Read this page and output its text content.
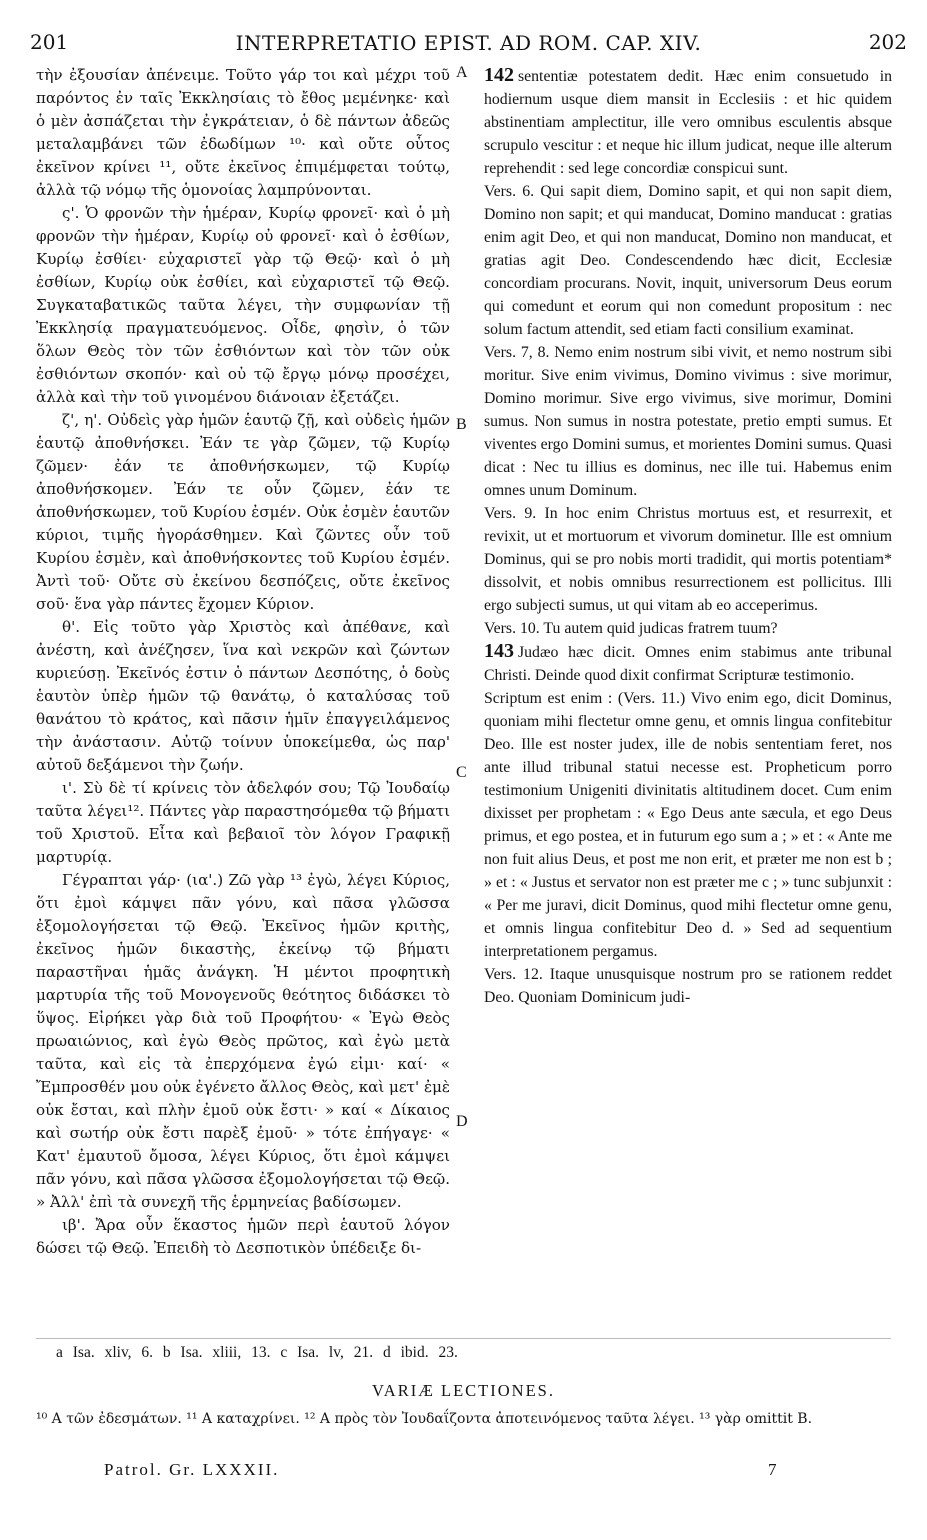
201	INTERPRETATIO EPIST. AD ROM. CAP. XIV.	202

τὴν ἐξουσίαν ἀπένειμε. Τοῦτο γάρ τοι καὶ μέχρι τοῦ παρόντος ἐν ταῖς Ἐκκλησίαις τὸ ἔθος μεμένηκε· καὶ ὁ μὲν ἀσπάζεται τὴν ἐγκράτειαν, ὁ δὲ πάντων ἀδεῶς μεταλαμβάνει τῶν ἐδωδίμων ¹⁰· καὶ οὔτε οὗτος ἐκεῖνον κρίνει ¹¹, οὔτε ἐκεῖνος ἐπιμέμφεται τούτῳ, ἀλλὰ τῷ νόμῳ τῆς ὁμονοίας λαμπρύνονται.

ς'. Ὁ φρονῶν τὴν ἡμέραν, Κυρίῳ φρονεῖ· καὶ ὁ μὴ φρονῶν τὴν ἡμέραν, Κυρίῳ οὐ φρονεῖ· καὶ ὁ ἐσθίων, Κυρίῳ ἐσθίει· εὐχαριστεῖ γὰρ τῷ Θεῷ· καὶ ὁ μὴ ἐσθίων, Κυρίῳ οὐκ ἐσθίει, καὶ εὐχαριστεῖ τῷ Θεῷ. Συγκαταβατικῶς ταῦτα λέγει, τὴν συμφωνίαν τῇ Ἐκκλησίᾳ πραγματευόμενος. Οἶδε, φησὶν, ὁ τῶν ὅλων Θεὸς τὸν τῶν ἐσθιόντων καὶ τὸν τῶν οὐκ ἐσθιόντων σκοπόν· καὶ οὐ τῷ ἔργῳ μόνῳ προσέχει, ἀλλὰ καὶ τὴν τοῦ γινομένου διάνοιαν ἐξετάζει.

ζ', η'. Οὐδεὶς γὰρ ἡμῶν ἑαυτῷ ζῇ, καὶ οὐδεὶς ἡμῶν ἑαυτῷ ἀποθνήσκει. Ἐάν τε γὰρ ζῶμεν, τῷ Κυρίῳ ζῶμεν· ἐάν τε ἀποθνήσκωμεν, τῷ Κυρίῳ ἀποθνήσκομεν. Ἐάν τε οὖν ζῶμεν, ἐάν τε ἀποθνήσκωμεν, τοῦ Κυρίου ἐσμέν. Οὐκ ἐσμὲν ἑαυτῶν κύριοι, τιμῆς ἠγοράσθημεν. Καὶ ζῶντες οὖν τοῦ Κυρίου ἐσμὲν, καὶ ἀποθνήσκοντες τοῦ Κυρίου ἐσμέν. Ἀντὶ τοῦ· Οὔτε σὺ ἐκείνου δεσπόζεις, οὔτε ἐκεῖνος σοῦ· ἕνα γὰρ πάντες ἔχομεν Κύριον.

θ'. Εἰς τοῦτο γὰρ Χριστὸς καὶ ἀπέθανε, καὶ ἀνέστη, καὶ ἀνέζησεν, ἵνα καὶ νεκρῶν καὶ ζώντων κυριεύσῃ. Ἐκεῖνός ἐστιν ὁ πάντων Δεσπότης, ὁ δοὺς ἑαυτὸν ὑπὲρ ἡμῶν τῷ θανάτῳ, ὁ καταλύσας τοῦ θανάτου τὸ κράτος, καὶ πᾶσιν ἡμῖν ἐπαγγειλάμενος τὴν ἀνάστασιν. Αὐτῷ τοίνυν ὑποκείμεθα, ὡς παρ' αὐτοῦ δεξάμενοι τὴν ζωήν.

ι'. Σὺ δὲ τί κρίνεις τὸν ἀδελφόν σου; Τῷ Ἰουδαίῳ ταῦτα λέγει¹². Πάντες γὰρ παραστησόμεθα τῷ βήματι τοῦ Χριστοῦ. Εἶτα καὶ βεβαιοῖ τὸν λόγον Γραφικῇ μαρτυρίᾳ.

Γέγραπται γάρ· (ια'.) Ζῶ γὰρ ¹³ ἐγὼ, λέγει Κύριος, ὅτι ἐμοὶ κάμψει πᾶν γόνυ, καὶ πᾶσα γλῶσσα ἐξομολογήσεται τῷ Θεῷ. Ἐκεῖνος ἡμῶν κριτὴς, ἐκεῖνος ἡμῶν δικαστὴς, ἐκείνῳ τῷ βήματι παραστῆναι ἡμᾶς ἀνάγκη. Ἡ μέντοι προφητικὴ μαρτυρία τῆς τοῦ Μονογενοῦς θεότητος διδάσκει τὸ ὕψος. Εἰρήκει γὰρ διὰ τοῦ Προφήτου· « Ἐγὼ Θεὸς πρωαιώνιος, καὶ ἐγὼ Θεὸς πρῶτος, καὶ ἐγὼ μετὰ ταῦτα, καὶ εἰς τὰ ἐπερχόμενα ἐγώ εἰμι· καί· « Ἔμπροσθέν μου οὐκ ἐγένετο ἄλλος Θεὸς, καὶ μετ' ἐμὲ οὐκ ἔσται, καὶ πλὴν ἐμοῦ οὐκ ἔστι· » καί « Δίκαιος καὶ σωτήρ οὐκ ἔστι παρὲξ ἐμοῦ· » τότε ἐπήγαγε· « Κατ' ἐμαυτοῦ ὄμοσα, λέγει Κύριος, ὅτι ἐμοὶ κάμψει πᾶν γόνυ, καὶ πᾶσα γλῶσσα ἐξομολογήσεται τῷ Θεῷ. » Ἀλλ' ἐπὶ τὰ συνεχῆ τῆς ἑρμηνείας βαδίσωμεν.

ιβ'. Ἄρα οὖν ἕκαστος ἡμῶν περὶ ἑαυτοῦ λόγον δώσει τῷ Θεῷ. Ἐπειδὴ τὸ Δεσποτικὸν ὑπέδειξε δι-

A
B
C
D

142 sententiæ potestatem dedit. Hæc enim consuetudo in hodiernum usque diem mansit in Ecclesiis : et hic quidem abstinentiam amplectitur, ille vero omnibus esculentis absque scrupulo vescitur : et neque hic illum judicat, neque ille alterum reprehendit : sed lege concordiæ conspicui sunt.

Vers. 6. Qui sapit diem, Domino sapit, et qui non sapit diem, Domino non sapit; et qui manducat, Domino manducat : gratias enim agit Deo, et qui non manducat, Domino non manducat, et gratias agit Deo. Condescendendo hæc dicit, Ecclesiæ concordiam procurans. Novit, inquit, universorum Deus eorum qui comedunt et eorum qui non comedunt propositum : nec solum factum attendit, sed etiam facti consilium examinat.

Vers. 7, 8. Nemo enim nostrum sibi vivit, et nemo nostrum sibi moritur. Sive enim vivimus, Domino vivimus : sive morimur, Domino morimur. Sive ergo vivimus, sive morimur, Domini sumus. Non sumus in nostra potestate, pretio empti sumus. Et viventes ergo Domini sumus, et morientes Domini sumus. Quasi dicat : Nec tu illius es dominus, nec ille tui. Habemus enim omnes unum Dominum.

Vers. 9. In hoc enim Christus mortuus est, et resurrexit, et revixit, ut et mortuorum et vivorum dominetur. Ille est omnium Dominus, qui se pro nobis morti tradidit, qui mortis potentiam* dissolvit, et nobis omnibus resurrectionem est pollicitus. Illi ergo subjecti sumus, ut qui vitam ab eo acceperimus.

Vers. 10. Tu autem quid judicas fratrem tuum?

143 Judæo hæc dicit. Omnes enim stabimus ante tribunal Christi. Deinde quod dixit confirmat Scripturæ testimonio.

Scriptum est enim : (Vers. 11.) Vivo enim ego, dicit Dominus, quoniam mihi flectetur omne genu, et omnis lingua confitebitur Deo. Ille est noster judex, ille de nobis sententiam feret, nos ante illud tribunal statui necesse est. Propheticum porro testimonium Unigeniti divinitatis altitudinem docet. Cum enim dixisset per prophetam : « Ego Deus ante sæcula, et ego Deus primus, et ego postea, et in futurum ego sum a ; » et : « Ante me non fuit alius Deus, et post me non erit, et præter me non est b ; » et : « Justus et servator non est præter me c ; » tunc subjunxit : « Per me juravi, dicit Dominus, quod mihi flectetur omne genu, et omnis lingua confitebitur Deo d. » Sed ad sequentium interpretationem pergamus.

Vers. 12. Itaque unusquisque nostrum pro se rationem reddet Deo. Quoniam Dominicum judi-

a Isa. xliv, 6. b Isa. xliii, 13. c Isa. lv, 21. d ibid. 23.
VARIÆ LECTIONES.
¹⁰ A τῶν ἐδεσμάτων. ¹¹ A καταχρίνει. ¹² A πρὸς τὸν Ἰουδαΐζοντα ἀποτεινόμενος ταῦτα λέγει. ¹³ γὰρ omittit B.
Patrol. Gr. LXXXII.	7
